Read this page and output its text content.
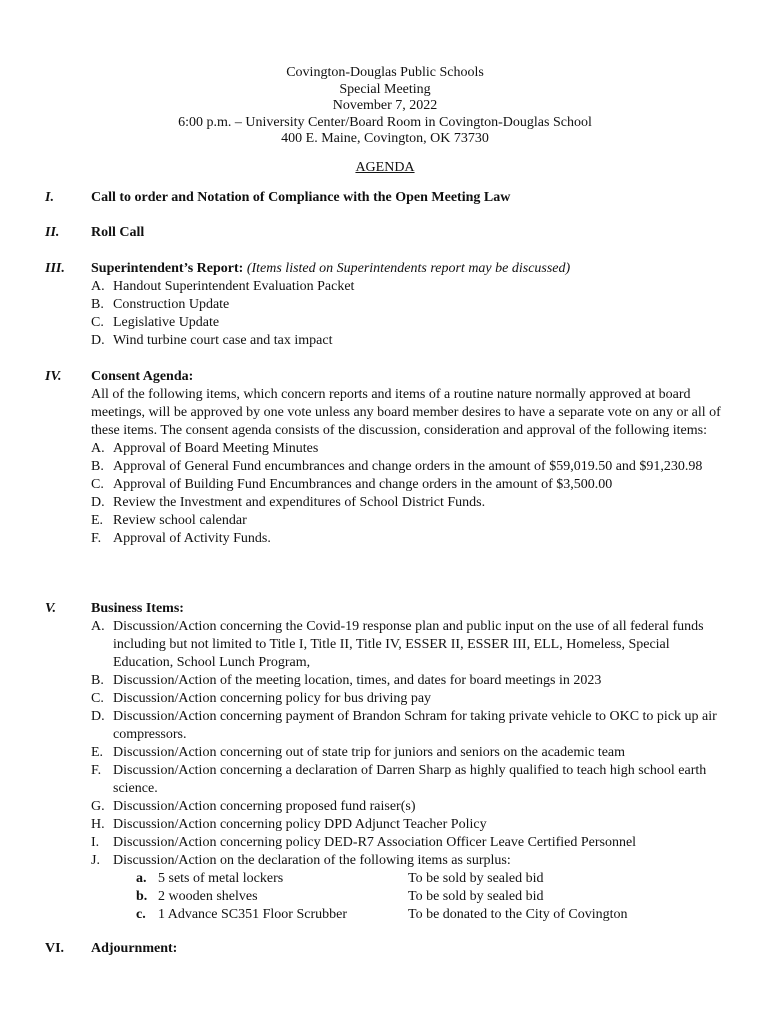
Covington-Douglas Public Schools
Special Meeting
November 7, 2022
6:00 p.m. – University Center/Board Room in Covington-Douglas School
400 E. Maine, Covington, OK 73730
AGENDA
I.	Call to order and Notation of Compliance with the Open Meeting Law
II. Roll Call
III. Superintendent’s Report: (Items listed on Superintendents report may be discussed)
A. Handout Superintendent Evaluation Packet
B. Construction Update
C. Legislative Update
D. Wind turbine court case and tax impact
IV. Consent Agenda:

All of the following items, which concern reports and items of a routine nature normally approved at board meetings, will be approved by one vote unless any board member desires to have a separate vote on any or all of these items. The consent agenda consists of the discussion, consideration and approval of the following items:

A. Approval of Board Meeting Minutes
B. Approval of General Fund encumbrances and change orders in the amount of $59,019.50 and $91,230.98
C. Approval of Building Fund Encumbrances and change orders in the amount of $3,500.00
D. Review the Investment and expenditures of School District Funds.
E. Review school calendar
F. Approval of Activity Funds.
V. Business Items:
A. Discussion/Action concerning the Covid-19 response plan and public input on the use of all federal funds including but not limited to Title I, Title II, Title IV, ESSER II, ESSER III, ELL, Homeless, Special Education, School Lunch Program,
B. Discussion/Action of the meeting location, times, and dates for board meetings in 2023
C. Discussion/Action concerning policy for bus driving pay
D. Discussion/Action concerning payment of Brandon Schram for taking private vehicle to OKC to pick up air compressors.
E. Discussion/Action concerning out of state trip for juniors and seniors on the academic team
F. Discussion/Action concerning a declaration of Darren Sharp as highly qualified to teach high school earth science.
G. Discussion/Action concerning proposed fund raiser(s)
H. Discussion/Action concerning policy DPD Adjunct Teacher Policy
I. Discussion/Action concerning policy DED-R7 Association Officer Leave Certified Personnel
J. Discussion/Action on the declaration of the following items as surplus:
a. 5 sets of metal lockers	To be sold by sealed bid
b. 2 wooden shelves	To be sold by sealed bid
c. 1 Advance SC351 Floor Scrubber	To be donated to the City of Covington
VI. Adjournment:
